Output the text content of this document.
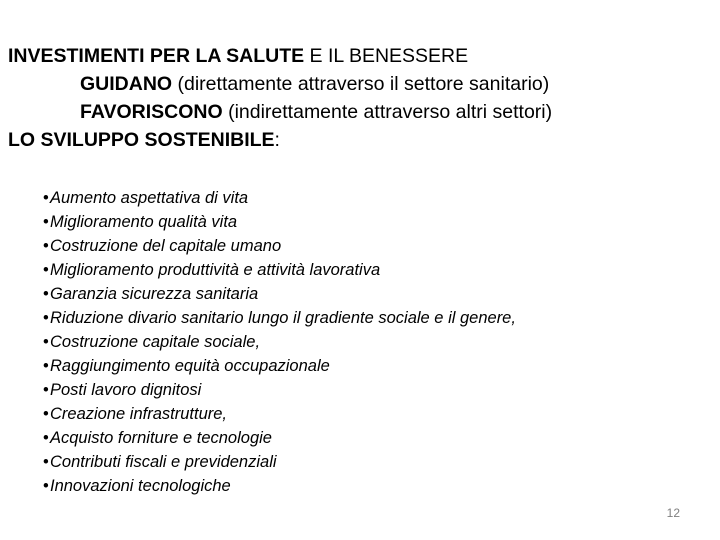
INVESTIMENTI PER LA SALUTE E IL BENESSERE
GUIDANO (direttamente attraverso il settore sanitario)
FAVORISCONO (indirettamente attraverso altri settori)
LO SVILUPPO SOSTENIBILE:
•Aumento aspettativa di vita
•Miglioramento qualità vita
•Costruzione del capitale umano
•Miglioramento produttività e attività lavorativa
•Garanzia sicurezza sanitaria
•Riduzione divario sanitario lungo il gradiente sociale e il genere,
•Costruzione capitale sociale,
•Raggiungimento equità occupazionale
•Posti lavoro dignitosi
•Creazione infrastrutture,
•Acquisto forniture e tecnologie
•Contributi fiscali e previdenziali
•Innovazioni tecnologiche
12
